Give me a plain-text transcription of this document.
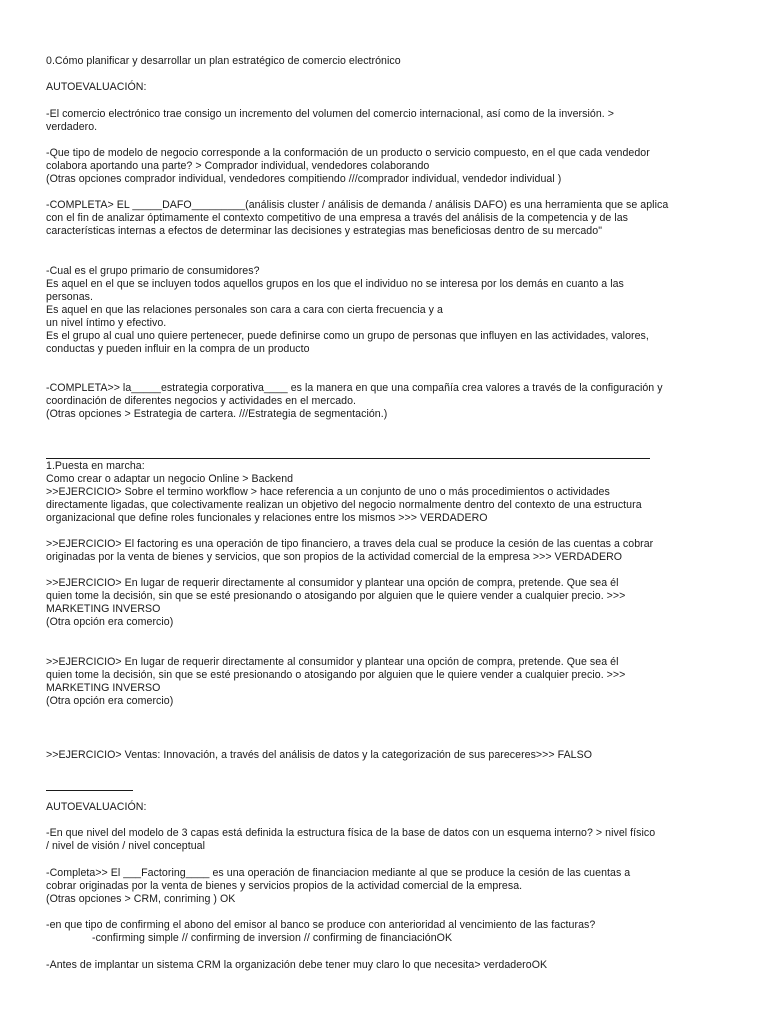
0.Cómo planificar y desarrollar un plan estratégico de comercio electrónico
AUTOEVALUACIÓN:
-El comercio electrónico trae consigo un incremento del volumen del comercio internacional, así como de la inversión. >
verdadero.
-Que tipo de modelo de negocio corresponde a la conformación de un producto o servicio compuesto, en el que cada vendedor
colabora aportando una parte? > Comprador individual, vendedores colaborando
(Otras opciones comprador individual, vendedores compitiendo ///comprador individual, vendedor individual )
-COMPLETA> EL _____DAFO_________(análisis cluster / análisis de demanda / análisis DAFO) es una herramienta que se aplica
con el fin de analizar óptimamente el contexto competitivo de una empresa a través del análisis de la competencia y de las
características internas a efectos de determinar las decisiones y estrategias mas beneficiosas dentro de su mercado"
-Cual es el grupo primario de consumidores?
Es aquel en el que se incluyen todos aquellos grupos en los que el individuo no se interesa por los demás en cuanto a las
personas.
Es aquel en que las relaciones personales son cara a cara con cierta frecuencia y a
un nivel íntimo y efectivo.
Es el grupo al cual uno quiere pertenecer, puede definirse como un grupo de personas que influyen en las actividades, valores,
conductas y pueden influir en la compra de un producto
-COMPLETA>> la_____estrategia corporativa____ es la manera en que una compañía crea valores a través de la configuración y
coordinación de diferentes negocios y actividades en el mercado.
(Otras opciones > Estrategia de cartera. ///Estrategia de segmentación.)
1.Puesta en marcha:
Como crear o adaptar un negocio Online > Backend
>>EJERCICIO> Sobre el termino workflow > hace referencia a un conjunto de uno o más procedimientos o actividades
directamente ligadas, que colectivamente realizan un objetivo del negocio normalmente dentro del contexto de una estructura
organizacional que define roles funcionales y relaciones entre los mismos >>> VERDADERO
>>EJERCICIO> El factoring es una operación de tipo financiero, a traves dela cual se produce la cesión de las cuentas a cobrar
originadas por la venta de bienes y servicios, que son propios de la actividad comercial de la empresa >>> VERDADERO
>>EJERCICIO> En lugar de requerir directamente al consumidor y plantear una opción de compra, pretende. Que sea él
quien tome la decisión, sin que se esté presionando o atosigando por alguien que le quiere vender a cualquier precio. >>>
MARKETING INVERSO
(Otra opción era comercio)
>>EJERCICIO> En lugar de requerir directamente al consumidor y plantear una opción de compra, pretende. Que sea él
quien tome la decisión, sin que se esté presionando o atosigando por alguien que le quiere vender a cualquier precio. >>>
MARKETING INVERSO
(Otra opción era comercio)
>>EJERCICIO> Ventas: Innovación, a través del análisis de datos y la categorización de sus pareceres>>> FALSO
AUTOEVALUACIÓN:
-En que nivel del modelo de 3 capas está definida la estructura física de la base de datos con un esquema interno? > nivel físico
/ nivel de visión / nivel conceptual
-Completa>> El ___Factoring____ es una operación de financiacion mediante al que se produce la cesión de las cuentas a
cobrar originadas por la venta de bienes y servicios propios de la actividad comercial de la empresa.
(Otras opciones > CRM, conriming ) OK
-en que tipo de confirming el abono del emisor al banco se produce con anterioridad al vencimiento de las facturas?
-confirming simple // confirming de inversion // confirming de financiaciónOK
-Antes de implantar un sistema CRM la organización debe tener muy claro lo que necesita> verdaderoOK
